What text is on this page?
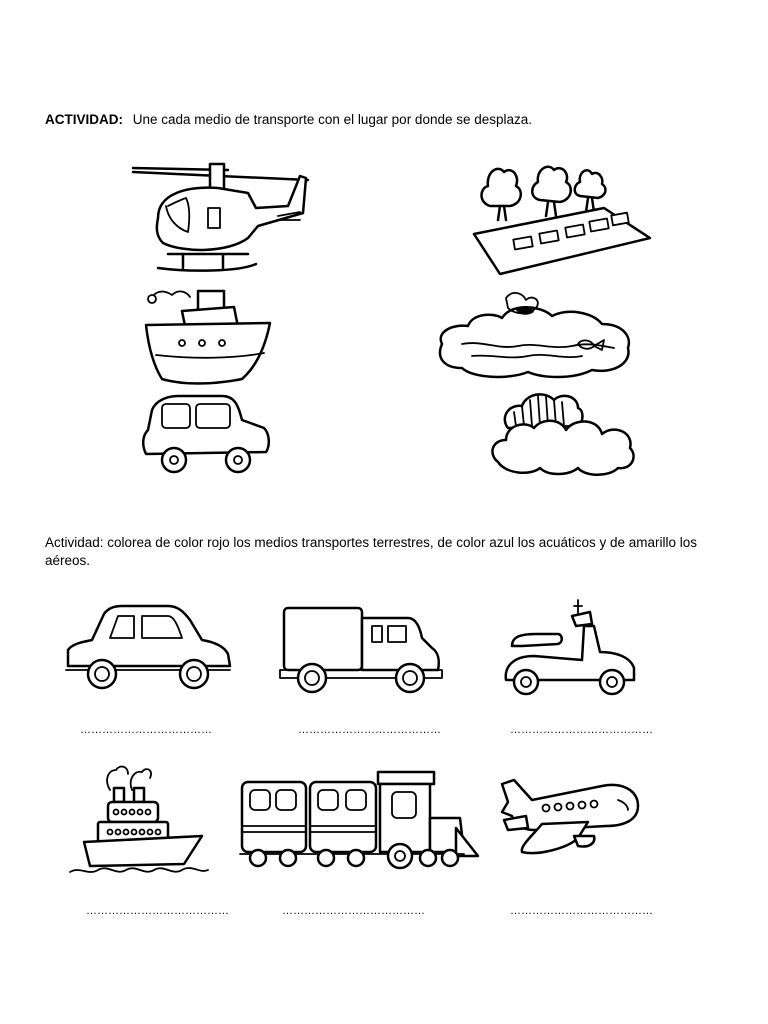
ACTIVIDAD: Une cada medio de transporte con el lugar por donde se desplaza.
Actividad: colorea de color rojo los medios transportes terrestres, de color azul los acuáticos y de amarillo los aéreos.
………………………………	…………………………………	…………………………………
…………………………………	…………………………………	…………………………………
